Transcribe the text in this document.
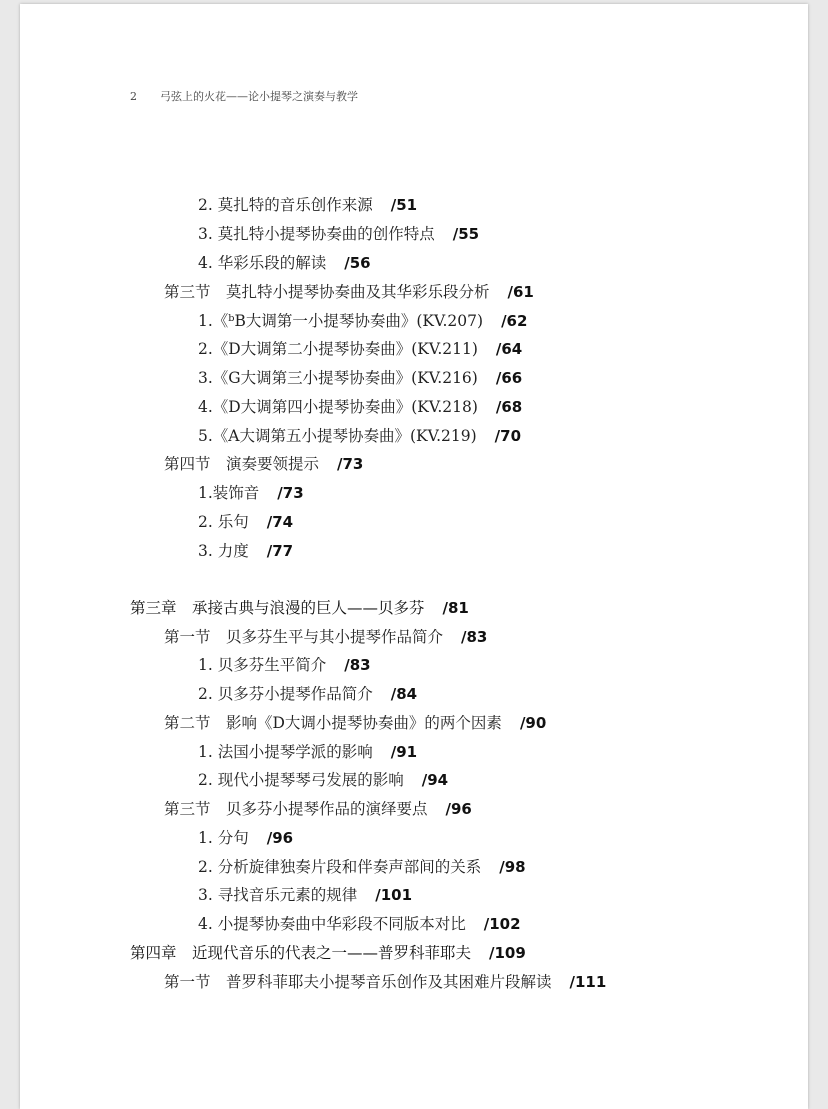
2 弓弦上的火花——论小提琴之演奏与教学
2. 莫扎特的音乐创作来源 /51
3. 莫扎特小提琴协奏曲的创作特点 /55
4. 华彩乐段的解读 /56
第三节　莫扎特小提琴协奏曲及其华彩乐段分析 /61
1.《ᵇB大调第一小提琴协奏曲》(KV.207) /62
2.《D大调第二小提琴协奏曲》(KV.211) /64
3.《G大调第三小提琴协奏曲》(KV.216) /66
4.《D大调第四小提琴协奏曲》(KV.218) /68
5.《A大调第五小提琴协奏曲》(KV.219) /70
第四节　演奏要领提示 /73
1.装饰音 /73
2. 乐句 /74
3. 力度 /77
第三章　承接古典与浪漫的巨人——贝多芬 /81
第一节　贝多芬生平与其小提琴作品简介 /83
1. 贝多芬生平简介 /83
2. 贝多芬小提琴作品简介 /84
第二节　影响《D大调小提琴协奏曲》的两个因素 /90
1. 法国小提琴学派的影响 /91
2. 现代小提琴琴弓发展的影响 /94
第三节　贝多芬小提琴作品的演绎要点 /96
1. 分句 /96
2. 分析旋律独奏片段和伴奏声部间的关系 /98
3. 寻找音乐元素的规律 /101
4. 小提琴协奏曲中华彩段不同版本对比 /102
第四章　近现代音乐的代表之一——普罗科菲耶夫 /109
第一节　普罗科菲耶夫小提琴音乐创作及其困难片段解读 /111
